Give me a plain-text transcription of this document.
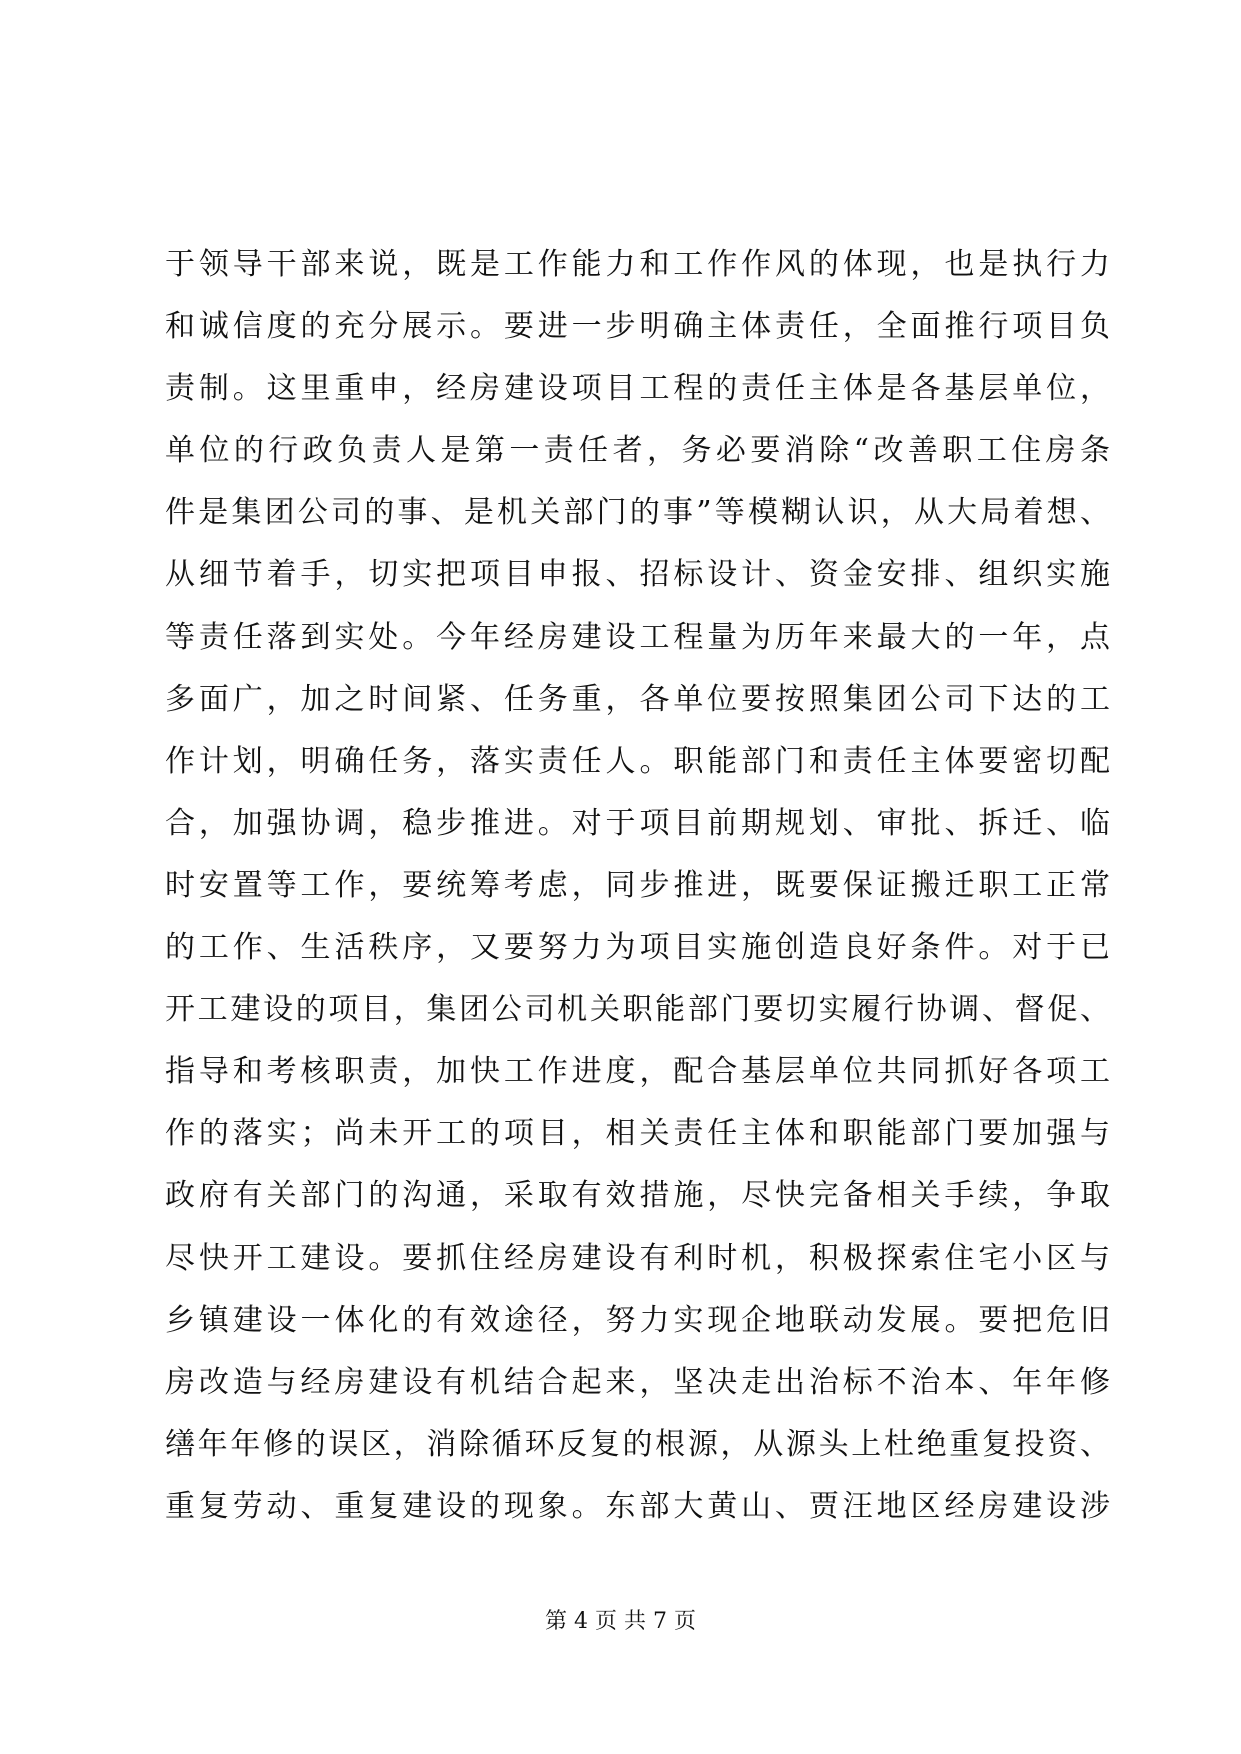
于领导干部来说，既是工作能力和工作作风的体现，也是执行力
和诚信度的充分展示。要进一步明确主体责任，全面推行项目负
责制。这里重申，经房建设项目工程的责任主体是各基层单位，
单位的行政负责人是第一责任者，务必要消除“改善职工住房条
件是集团公司的事、是机关部门的事”等模糊认识，从大局着想、
从细节着手，切实把项目申报、招标设计、资金安排、组织实施
等责任落到实处。今年经房建设工程量为历年来最大的一年，点
多面广，加之时间紧、任务重，各单位要按照集团公司下达的工
作计划，明确任务，落实责任人。职能部门和责任主体要密切配
合，加强协调，稳步推进。对于项目前期规划、审批、拆迁、临
时安置等工作，要统筹考虑，同步推进，既要保证搬迁职工正常
的工作、生活秩序，又要努力为项目实施创造良好条件。对于已
开工建设的项目，集团公司机关职能部门要切实履行协调、督促、
指导和考核职责，加快工作进度，配合基层单位共同抓好各项工
作的落实；尚未开工的项目，相关责任主体和职能部门要加强与
政府有关部门的沟通，采取有效措施，尽快完备相关手续，争取
尽快开工建设。要抓住经房建设有利时机，积极探索住宅小区与
乡镇建设一体化的有效途径，努力实现企地联动发展。要把危旧
房改造与经房建设有机结合起来，坚决走出治标不治本、年年修
缮年年修的误区，消除循环反复的根源，从源头上杜绝重复投资、
重复劳动、重复建设的现象。东部大黄山、贾汪地区经房建设涉
第 4 页 共 7 页
